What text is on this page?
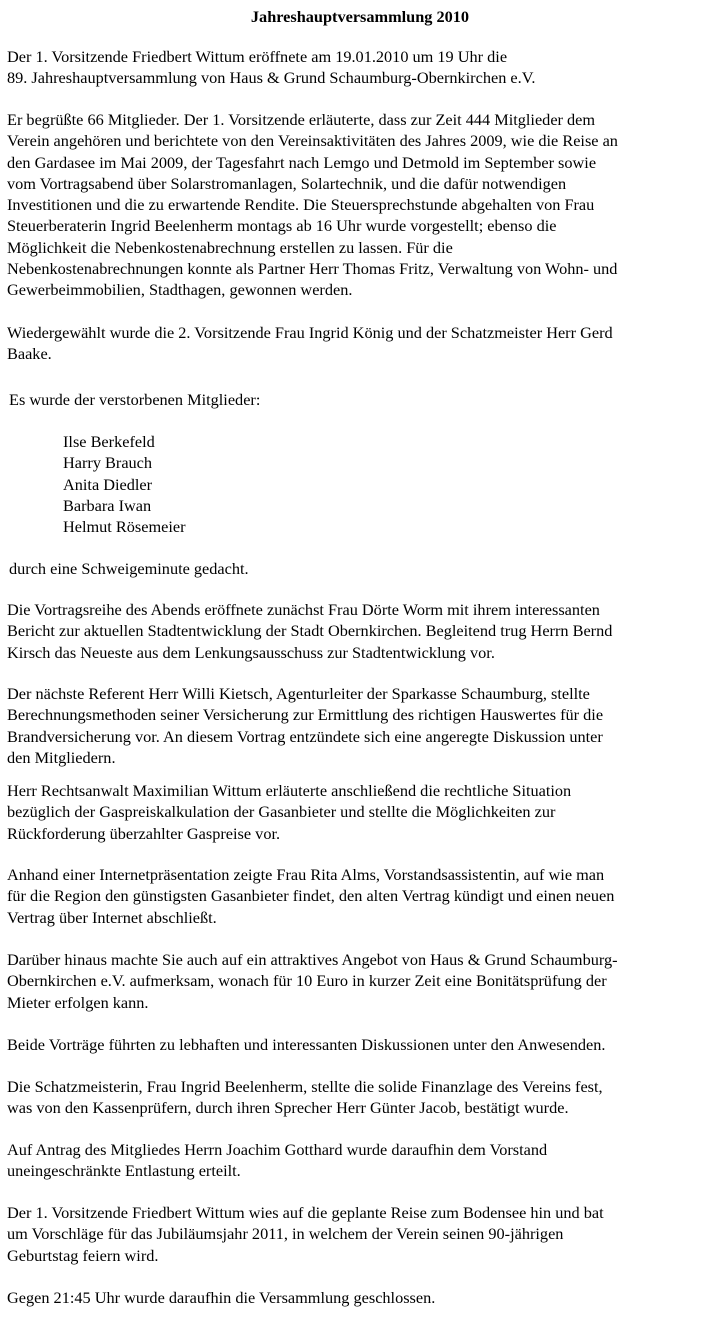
Jahreshauptversammlung 2010
Der 1. Vorsitzende Friedbert Wittum eröffnete am 19.01.2010 um 19 Uhr die
89. Jahreshauptversammlung von Haus & Grund Schaumburg-Obernkirchen e.V.
Er begrüßte 66 Mitglieder. Der 1. Vorsitzende erläuterte, dass zur Zeit 444 Mitglieder dem
Verein angehören und berichtete von den Vereinsaktivitäten des Jahres 2009, wie die Reise an
den Gardasee im Mai 2009, der Tagesfahrt nach Lemgo und Detmold im September sowie
vom Vortragsabend über Solarstromanlagen, Solartechnik, und die dafür notwendigen
Investitionen und die zu erwartende Rendite. Die Steuersprechstunde abgehalten von Frau
Steuerberaterin Ingrid Beelenherm montags ab 16 Uhr wurde vorgestellt; ebenso die
Möglichkeit die Nebenkostenabrechnung erstellen zu lassen. Für die
Nebenkostenabrechnungen konnte als Partner Herr Thomas Fritz, Verwaltung von Wohn- und
Gewerbeimmobilien, Stadthagen, gewonnen werden.
Wiedergewählt wurde die 2. Vorsitzende Frau Ingrid König und der Schatzmeister Herr Gerd
Baake.
Es wurde der verstorbenen Mitglieder:
Ilse Berkefeld
Harry Brauch
Anita Diedler
Barbara Iwan
Helmut Rösemeier
durch eine Schweigeminute gedacht.
Die Vortragsreihe des Abends eröffnete zunächst Frau Dörte Worm mit ihrem interessanten
Bericht zur aktuellen Stadtentwicklung der Stadt Obernkirchen. Begleitend trug Herrn Bernd
Kirsch das Neueste aus dem Lenkungsausschuss zur Stadtentwicklung vor.
Der nächste Referent Herr Willi Kietsch, Agenturleiter der Sparkasse Schaumburg, stellte
Berechnungsmethoden seiner Versicherung zur Ermittlung des richtigen Hauswertes für die
Brandversicherung vor. An diesem Vortrag entzündete sich eine angeregte Diskussion unter
den Mitgliedern.
Herr Rechtsanwalt Maximilian Wittum erläuterte anschließend die rechtliche Situation
bezüglich der Gaspreiskalkulation der Gasanbieter und stellte die Möglichkeiten zur
Rückforderung überzahlter Gaspreise vor.
Anhand einer Internetpräsentation zeigte Frau Rita Alms, Vorstandsassistentin, auf wie man
für die Region den günstigsten Gasanbieter findet, den alten Vertrag kündigt und einen neuen
Vertrag über Internet abschließt.
Darüber hinaus machte Sie auch auf ein attraktives Angebot von Haus & Grund Schaumburg-
Obernkirchen e.V. aufmerksam, wonach für 10 Euro in kurzer Zeit eine Bonitätsprüfung der
Mieter erfolgen kann.
Beide Vorträge führten zu lebhaften und interessanten Diskussionen unter den Anwesenden.
Die Schatzmeisterin, Frau Ingrid Beelenherm, stellte die solide Finanzlage des Vereins fest,
was von den Kassenprüfern, durch ihren Sprecher Herr Günter Jacob, bestätigt wurde.
Auf Antrag des Mitgliedes Herrn Joachim Gotthard wurde daraufhin dem Vorstand
uneingeschränkte Entlastung erteilt.
Der 1. Vorsitzende Friedbert Wittum wies auf die geplante Reise zum Bodensee hin und bat
um Vorschläge für das Jubiläumsjahr 2011, in welchem der Verein seinen 90-jährigen
Geburtstag feiern wird.
Gegen 21:45 Uhr wurde daraufhin die Versammlung geschlossen.
